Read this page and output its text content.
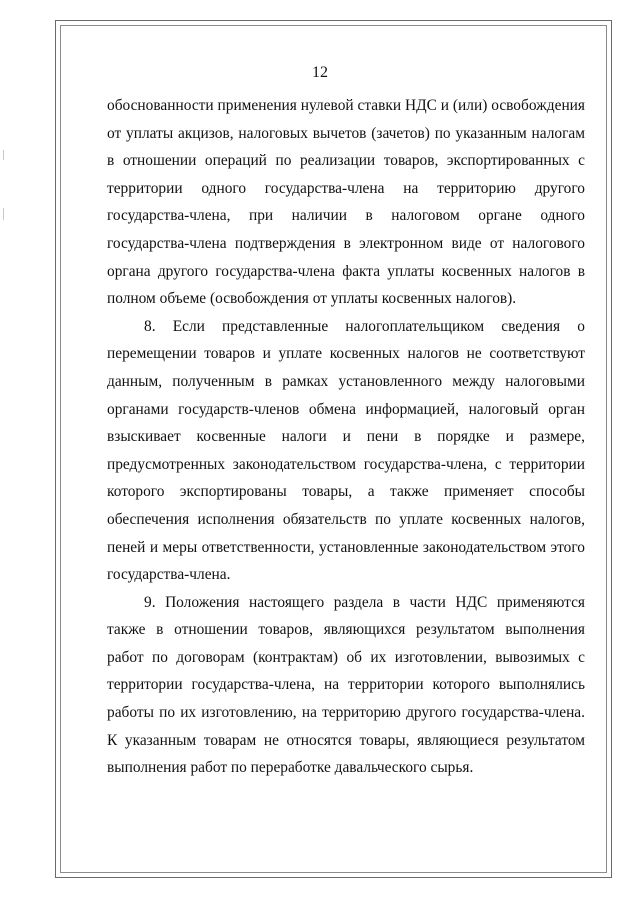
12
обоснованности применения нулевой ставки НДС и (или) освобождения
от уплаты акцизов, налоговых вычетов (зачетов) по указанным налогам
в отношении операций по реализации товаров, экспортированных с
территории одного государства-члена на территорию другого
государства-члена, при наличии в налоговом органе одного
государства-члена подтверждения в электронном виде от налогового
органа другого государства-члена факта уплаты косвенных налогов в
полном объеме (освобождения от уплаты косвенных налогов).
8. Если представленные налогоплательщиком сведения о
перемещении товаров и уплате косвенных налогов не соответствуют
данным, полученным в рамках установленного между налоговыми
органами государств-членов обмена информацией, налоговый орган
взыскивает косвенные налоги и пени в порядке и размере,
предусмотренных законодательством государства-члена, с территории
которого экспортированы товары, а также применяет способы
обеспечения исполнения обязательств по уплате косвенных налогов,
пеней и меры ответственности, установленные законодательством этого
государства-члена.
9. Положения настоящего раздела в части НДС применяются
также в отношении товаров, являющихся результатом выполнения
работ по договорам (контрактам) об их изготовлении, вывозимых с
территории государства-члена, на территории которого выполнялись
работы по их изготовлению, на территорию другого государства-члена.
К указанным товарам не относятся товары, являющиеся результатом
выполнения работ по переработке давальческого сырья.
